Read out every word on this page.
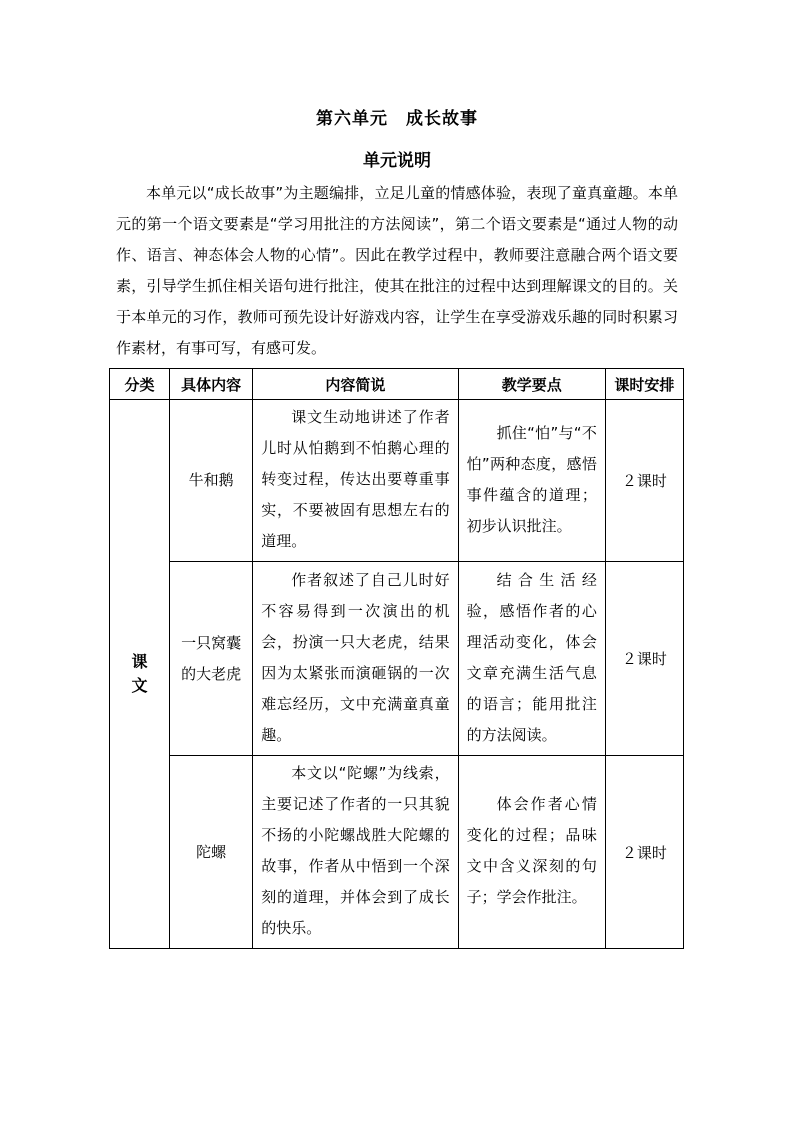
第六单元　成长故事
单元说明
本单元以“成长故事”为主题编排，立足儿童的情感体验，表现了童真童趣。本单元的第一个语文要素是“学习用批注的方法阅读”，第二个语文要素是“通过人物的动作、语言、神态体会人物的心情”。因此在教学过程中，教师要注意融合两个语文要素，引导学生抓住相关语句进行批注，使其在批注的过程中达到理解课文的目的。关于本单元的习作，教师可预先设计好游戏内容，让学生在享受游戏乐趣的同时积累习作素材，有事可写，有感可发。
分类	具体内容	内容简说	教学要点	课时安排
课文	牛和鹅	课文生动地讲述了作者儿时从怕鹅到不怕鹅心理的转变过程，传达出要尊重事实，不要被固有思想左右的道理。	抓住“怕”与“不怕”两种态度，感悟事件蕴含的道理；初步认识批注。	２课时
	一只窝囊的大老虎	作者叙述了自己儿时好不容易得到一次演出的机会，扮演一只大老虎，结果因为太紧张而演砸锅的一次难忘经历，文中充满童真童趣。	结合生活经验，感悟作者的心理活动变化，体会文章充满生活气息的语言；能用批注的方法阅读。	２课时
	陀螺	本文以“陀螺”为线索，主要记述了作者的一只其貌不扬的小陀螺战胜大陀螺的故事，作者从中悟到一个深刻的道理，并体会到了成长的快乐。	体会作者心情变化的过程；品味文中含义深刻的句子；学会作批注。	２课时
